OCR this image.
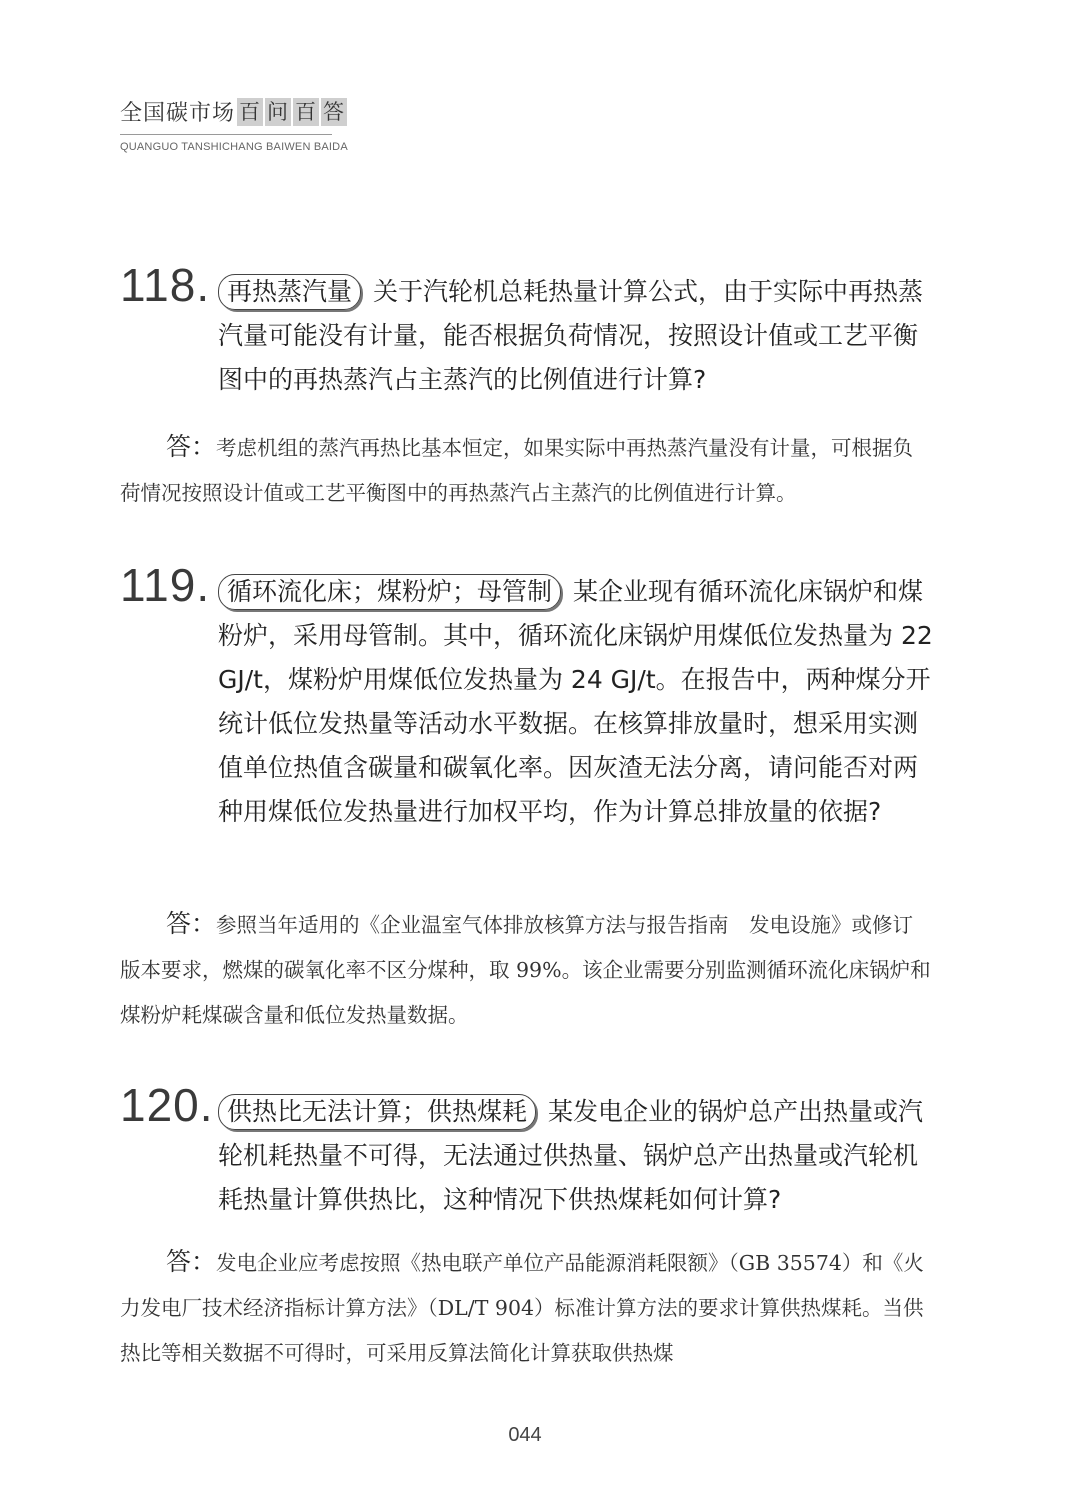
全国碳市场 百 问 百 答
QUANGUO TANSHICHANG BAIWEN BAIDA
118. 再热蒸汽量 关于汽轮机总耗热量计算公式，由于实际中再热蒸汽量可能没有计量，能否根据负荷情况，按照设计值或工艺平衡图中的再热蒸汽占主蒸汽的比例值进行计算?
答：考虑机组的蒸汽再热比基本恒定，如果实际中再热蒸汽量没有计量，可根据负荷情况按照设计值或工艺平衡图中的再热蒸汽占主蒸汽的比例值进行计算。
119. 循环流化床；煤粉炉；母管制 某企业现有循环流化床锅炉和煤粉炉，采用母管制。其中，循环流化床锅炉用煤低位发热量为 22 GJ/t，煤粉炉用煤低位发热量为 24 GJ/t。在报告中，两种煤分开统计低位发热量等活动水平数据。在核算排放量时，想采用实测值单位热值含碳量和碳氧化率。因灰渣无法分离，请问能否对两种用煤低位发热量进行加权平均，作为计算总排放量的依据?
答：参照当年适用的《企业温室气体排放核算方法与报告指南　发电设施》或修订版本要求，燃煤的碳氧化率不区分煤种，取 99%。该企业需要分别监测循环流化床锅炉和煤粉炉耗煤碳含量和低位发热量数据。
120. 供热比无法计算；供热煤耗 某发电企业的锅炉总产出热量或汽轮机耗热量不可得，无法通过供热量、锅炉总产出热量或汽轮机耗热量计算供热比，这种情况下供热煤耗如何计算?
答：发电企业应考虑按照《热电联产单位产品能源消耗限额》（GB 35574）和《火力发电厂技术经济指标计算方法》（DL/T 904）标准计算方法的要求计算供热煤耗。当供热比等相关数据不可得时，可采用反算法简化计算获取供热煤
044
